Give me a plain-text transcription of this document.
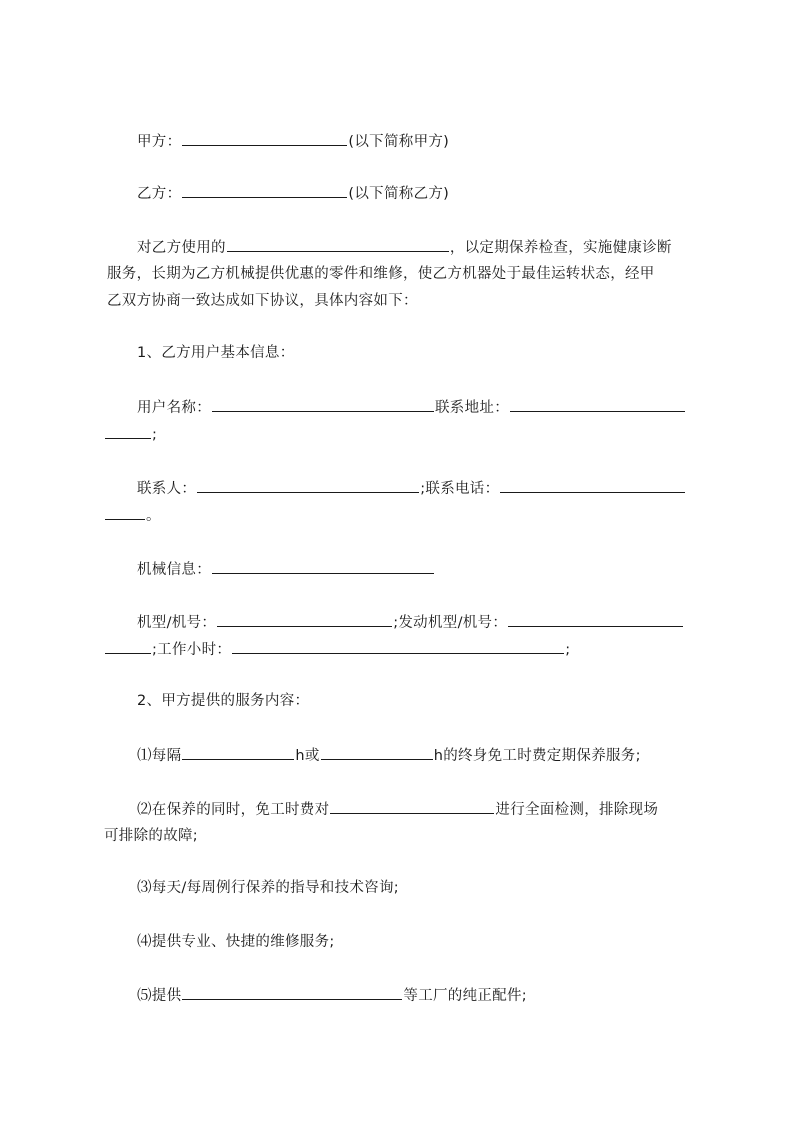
甲方：	(以下简称甲方)
乙方：	(以下简称乙方)
对乙方使用的	，以定期保养检查，实施健康诊断
服务，长期为乙方机械提供优惠的零件和维修，使乙方机器处于最佳运转状态，经甲
乙双方协商一致达成如下协议，具体内容如下：
1、乙方用户基本信息：
用户名称：	联系地址：
;
联系人：	;联系电话：
。
机械信息：
机型/机号：	;发动机型/机号：
;工作小时：	;
2、甲方提供的服务内容：
⑴每隔	h或	h的终身免工时费定期保养服务;
⑵在保养的同时，免工时费对	进行全面检测，排除现场
可排除的故障;
⑶每天/每周例行保养的指导和技术咨询;
⑷提供专业、快捷的维修服务;
⑸提供	等工厂的纯正配件;
